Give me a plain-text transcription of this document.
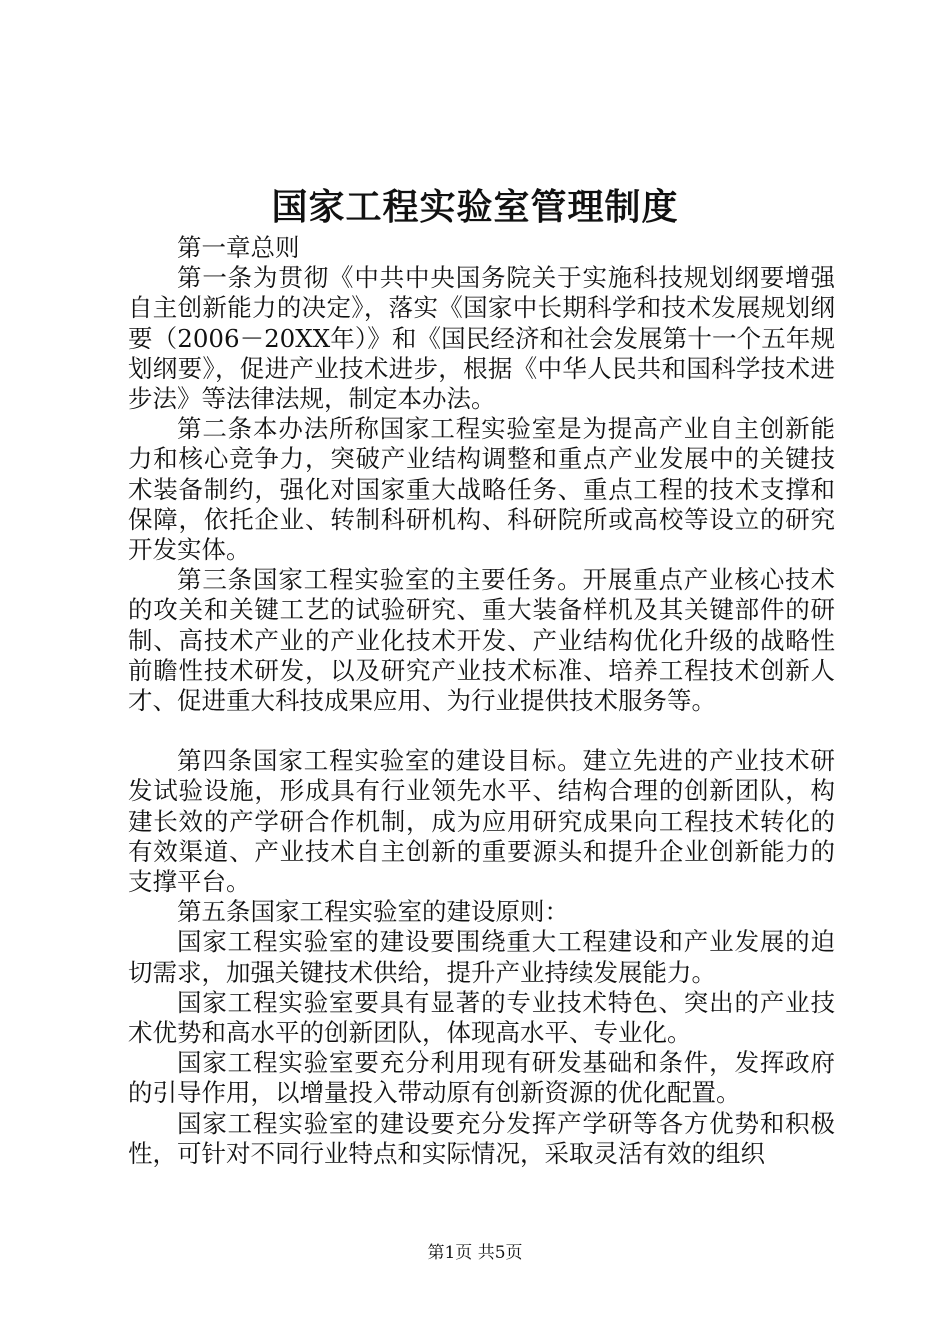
国家工程实验室管理制度

第一章总则

第一条为贯彻《中共中央国务院关于实施科技规划纲要增强自主创新能力的决定》，落实《国家中长期科学和技术发展规划纲要（2006－20XX年）》和《国民经济和社会发展第十一个五年规划纲要》，促进产业技术进步，根据《中华人民共和国科学技术进步法》等法律法规，制定本办法。

第二条本办法所称国家工程实验室是为提高产业自主创新能力和核心竞争力，突破产业结构调整和重点产业发展中的关键技术装备制约，强化对国家重大战略任务、重点工程的技术支撑和保障，依托企业、转制科研机构、科研院所或高校等设立的研究开发实体。

第三条国家工程实验室的主要任务。开展重点产业核心技术的攻关和关键工艺的试验研究、重大装备样机及其关键部件的研制、高技术产业的产业化技术开发、产业结构优化升级的战略性前瞻性技术研发，以及研究产业技术标准、培养工程技术创新人才、促进重大科技成果应用、为行业提供技术服务等。

第四条国家工程实验室的建设目标。建立先进的产业技术研发试验设施，形成具有行业领先水平、结构合理的创新团队，构建长效的产学研合作机制，成为应用研究成果向工程技术转化的有效渠道、产业技术自主创新的重要源头和提升企业创新能力的支撑平台。

第五条国家工程实验室的建设原则：

国家工程实验室的建设要围绕重大工程建设和产业发展的迫切需求，加强关键技术供给，提升产业持续发展能力。

国家工程实验室要具有显著的专业技术特色、突出的产业技术优势和高水平的创新团队，体现高水平、专业化。

国家工程实验室要充分利用现有研发基础和条件，发挥政府的引导作用，以增量投入带动原有创新资源的优化配置。

国家工程实验室的建设要充分发挥产学研等各方优势和积极性，可针对不同行业特点和实际情况，采取灵活有效的组织

第1页 共5页
